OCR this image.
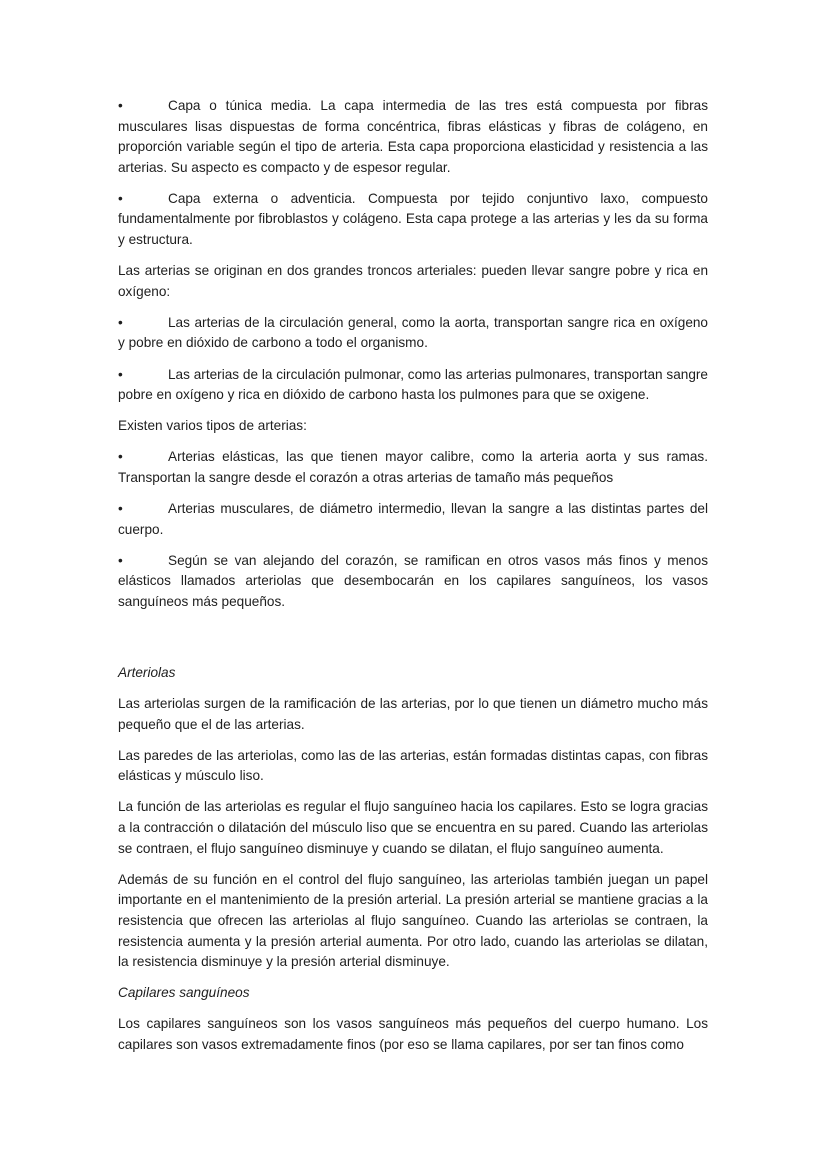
•	Capa o túnica media. La capa intermedia de las tres está compuesta por fibras musculares lisas dispuestas de forma concéntrica, fibras elásticas y fibras de colágeno, en proporción variable según el tipo de arteria. Esta capa proporciona elasticidad y resistencia a las arterias. Su aspecto es compacto y de espesor regular.

•	Capa externa o adventicia. Compuesta por tejido conjuntivo laxo, compuesto fundamentalmente por fibroblastos y colágeno. Esta capa protege a las arterias y les da su forma y estructura.

Las arterias se originan en dos grandes troncos arteriales: pueden llevar sangre pobre y rica en oxígeno:

•	Las arterias de la circulación general, como la aorta, transportan sangre rica en oxígeno y pobre en dióxido de carbono a todo el organismo.

•	Las arterias de la circulación pulmonar, como las arterias pulmonares, transportan sangre pobre en oxígeno y rica en dióxido de carbono hasta los pulmones para que se oxigene.

Existen varios tipos de arterias:

•	Arterias elásticas, las que tienen mayor calibre, como la arteria aorta y sus ramas. Transportan la sangre desde el corazón a otras arterias de tamaño más pequeños

•	Arterias musculares, de diámetro intermedio, llevan la sangre a las distintas partes del cuerpo.

•	Según se van alejando del corazón, se ramifican en otros vasos más finos y menos elásticos llamados arteriolas que desembocarán en los capilares sanguíneos, los vasos sanguíneos más pequeños.

Arteriolas

Las arteriolas surgen de la ramificación de las arterias, por lo que tienen un diámetro mucho más pequeño que el de las arterias.

Las paredes de las arteriolas, como las de las arterias, están formadas distintas capas, con fibras elásticas y músculo liso.

La función de las arteriolas es regular el flujo sanguíneo hacia los capilares. Esto se logra gracias a la contracción o dilatación del músculo liso que se encuentra en su pared. Cuando las arteriolas se contraen, el flujo sanguíneo disminuye y cuando se dilatan, el flujo sanguíneo aumenta.

Además de su función en el control del flujo sanguíneo, las arteriolas también juegan un papel importante en el mantenimiento de la presión arterial. La presión arterial se mantiene gracias a la resistencia que ofrecen las arteriolas al flujo sanguíneo. Cuando las arteriolas se contraen, la resistencia aumenta y la presión arterial aumenta. Por otro lado, cuando las arteriolas se dilatan, la resistencia disminuye y la presión arterial disminuye.

Capilares sanguíneos

Los capilares sanguíneos son los vasos sanguíneos más pequeños del cuerpo humano. Los capilares son vasos extremadamente finos (por eso se llama capilares, por ser tan finos como
